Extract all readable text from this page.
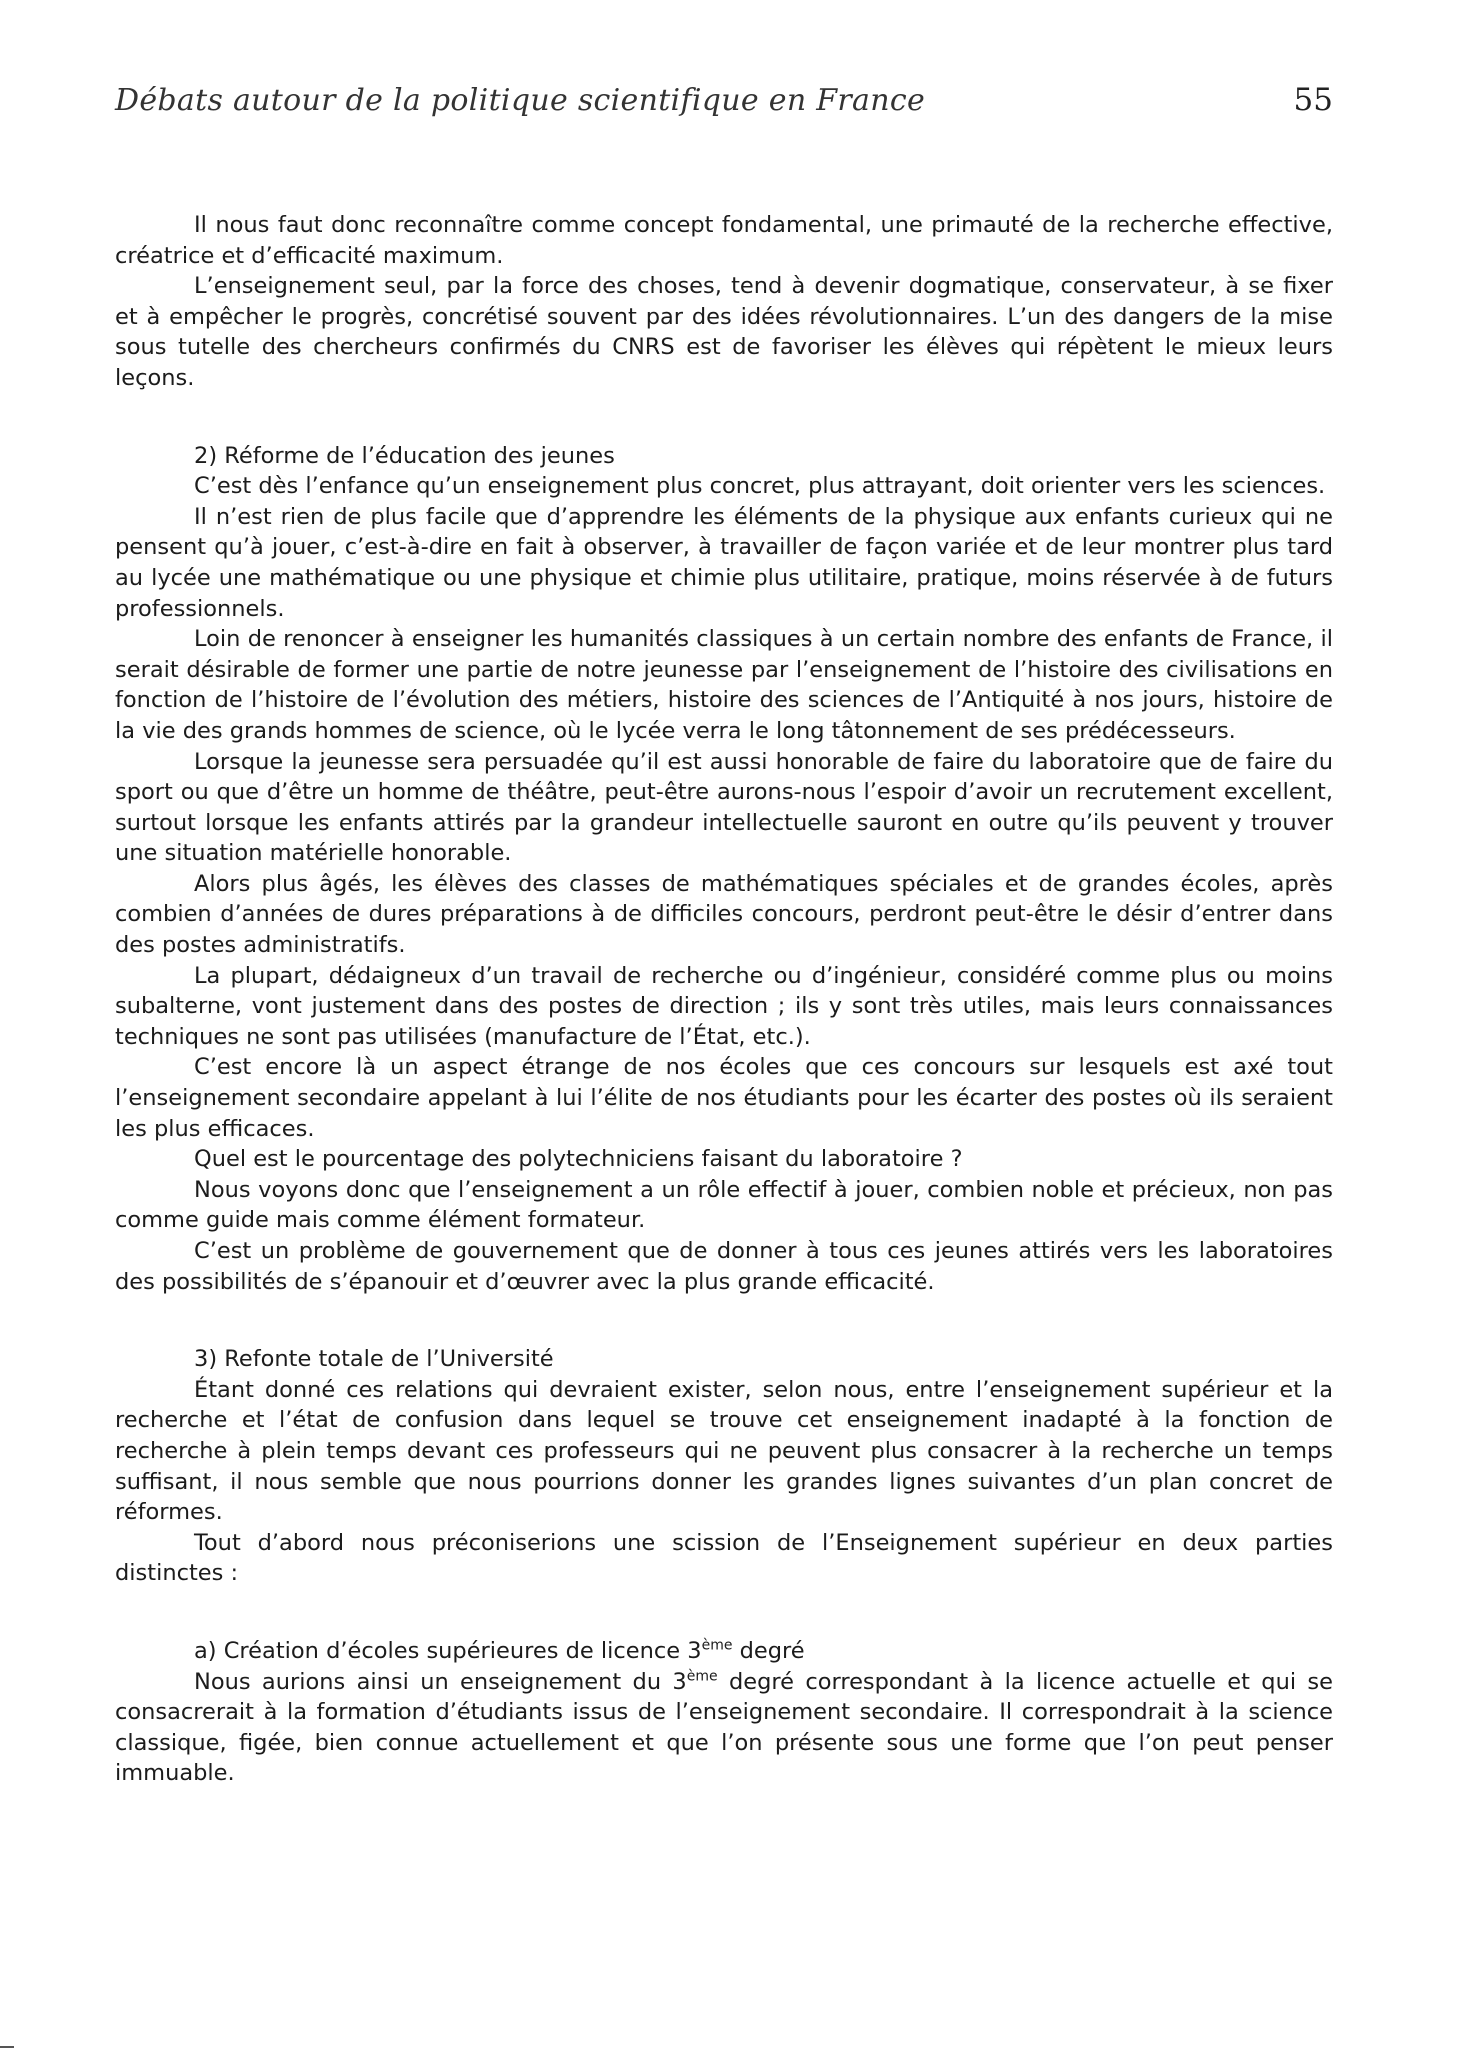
Débats autour de la politique scientifique en France	55

Il nous faut donc reconnaître comme concept fondamental, une primauté de la recherche effective, créatrice et d’efficacité maximum.

L’enseignement seul, par la force des choses, tend à devenir dogmatique, conservateur, à se fixer et à empêcher le progrès, concrétisé souvent par des idées révolutionnaires. L’un des dangers de la mise sous tutelle des chercheurs confirmés du CNRS est de favoriser les élèves qui répètent le mieux leurs leçons.

2) Réforme de l’éducation des jeunes

C’est dès l’enfance qu’un enseignement plus concret, plus attrayant, doit orienter vers les sciences.

Il n’est rien de plus facile que d’apprendre les éléments de la physique aux enfants curieux qui ne pensent qu’à jouer, c’est-à-dire en fait à observer, à travailler de façon variée et de leur montrer plus tard au lycée une mathématique ou une physique et chimie plus utilitaire, pratique, moins réservée à de futurs professionnels.

Loin de renoncer à enseigner les humanités classiques à un certain nombre des enfants de France, il serait désirable de former une partie de notre jeunesse par l’enseignement de l’histoire des civilisations en fonction de l’histoire de l’évolution des métiers, histoire des sciences de l’Antiquité à nos jours, histoire de la vie des grands hommes de science, où le lycée verra le long tâtonnement de ses prédécesseurs.

Lorsque la jeunesse sera persuadée qu’il est aussi honorable de faire du laboratoire que de faire du sport ou que d’être un homme de théâtre, peut-être aurons-nous l’espoir d’avoir un recrutement excellent, surtout lorsque les enfants attirés par la grandeur intellectuelle sauront en outre qu’ils peuvent y trouver une situation matérielle honorable.

Alors plus âgés, les élèves des classes de mathématiques spéciales et de grandes écoles, après combien d’années de dures préparations à de difficiles concours, perdront peut-être le désir d’entrer dans des postes administratifs.

La plupart, dédaigneux d’un travail de recherche ou d’ingénieur, considéré comme plus ou moins subalterne, vont justement dans des postes de direction ; ils y sont très utiles, mais leurs connaissances techniques ne sont pas utilisées (manufacture de l’État, etc.).

C’est encore là un aspect étrange de nos écoles que ces concours sur lesquels est axé tout l’enseignement secondaire appelant à lui l’élite de nos étudiants pour les écarter des postes où ils seraient les plus efficaces.

Quel est le pourcentage des polytechniciens faisant du laboratoire ?

Nous voyons donc que l’enseignement a un rôle effectif à jouer, combien noble et précieux, non pas comme guide mais comme élément formateur.

C’est un problème de gouvernement que de donner à tous ces jeunes attirés vers les laboratoires des possibilités de s’épanouir et d’œuvrer avec la plus grande efficacité.

3) Refonte totale de l’Université

Étant donné ces relations qui devraient exister, selon nous, entre l’enseignement supérieur et la recherche et l’état de confusion dans lequel se trouve cet enseignement inadapté à la fonction de recherche à plein temps devant ces professeurs qui ne peuvent plus consacrer à la recherche un temps suffisant, il nous semble que nous pourrions donner les grandes lignes suivantes d’un plan concret de réformes.

Tout d’abord nous préconiserions une scission de l’Enseignement supérieur en deux parties distinctes :

a) Création d’écoles supérieures de licence 3ème degré

Nous aurions ainsi un enseignement du 3ème degré correspondant à la licence actuelle et qui se consacrerait à la formation d’étudiants issus de l’enseignement secondaire. Il correspondrait à la science classique, figée, bien connue actuellement et que l’on présente sous une forme que l’on peut penser immuable.
